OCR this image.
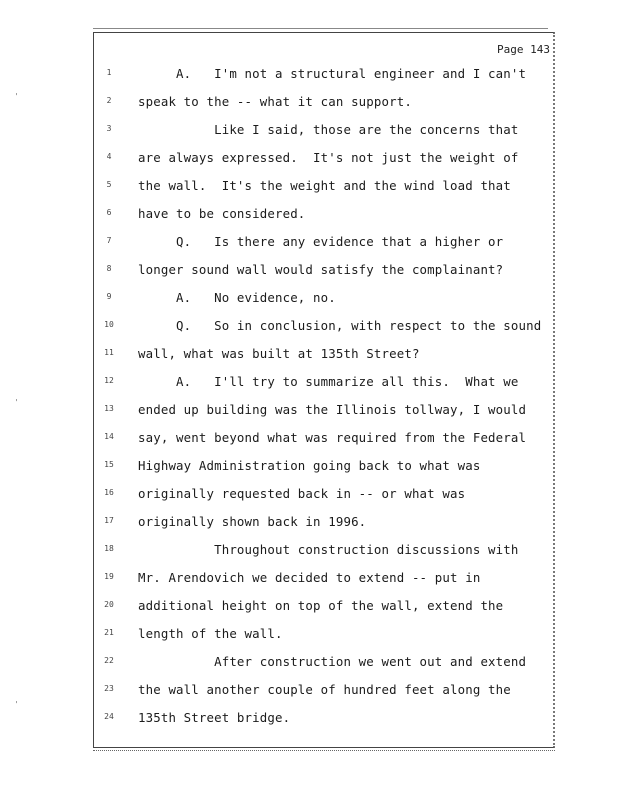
'
'
'
Page 143
1	A.   I'm not a structural engineer and I can't
2	speak to the -- what it can support.
3	Like I said, those are the concerns that
4	are always expressed.  It's not just the weight of
5	the wall.  It's the weight and the wind load that
6	have to be considered.
7	Q.   Is there any evidence that a higher or
8	longer sound wall would satisfy the complainant?
9	A.   No evidence, no.
10	Q.   So in conclusion, with respect to the sound
11	wall, what was built at 135th Street?
12	A.   I'll try to summarize all this.  What we
13	ended up building was the Illinois tollway, I would
14	say, went beyond what was required from the Federal
15	Highway Administration going back to what was
16	originally requested back in -- or what was
17	originally shown back in 1996.
18	Throughout construction discussions with
19	Mr. Arendovich we decided to extend -- put in
20	additional height on top of the wall, extend the
21	length of the wall.
22	After construction we went out and extend
23	the wall another couple of hundred feet along the
24	135th Street bridge.
